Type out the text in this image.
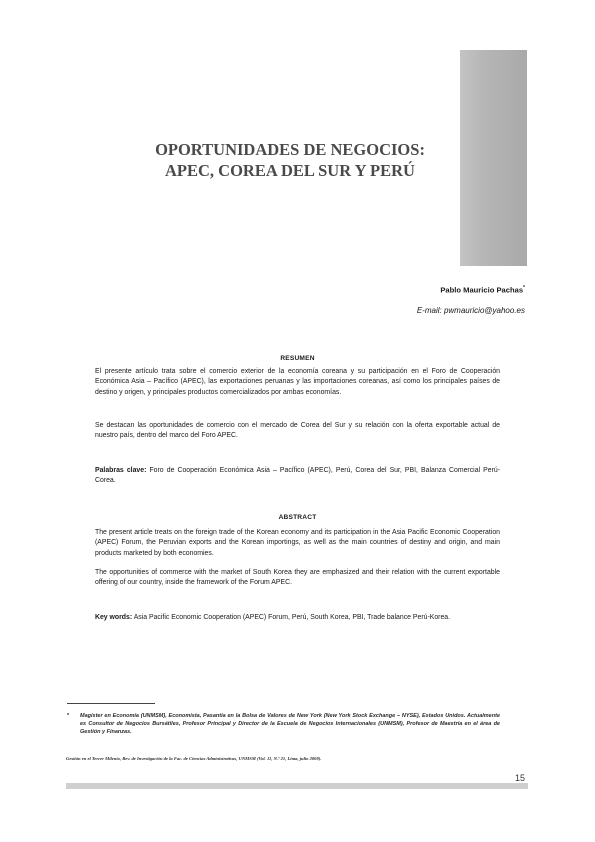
OPORTUNIDADES DE NEGOCIOS:
APEC, COREA DEL SUR Y PERÚ
Pablo Mauricio Pachas*
E-mail: pwmauricio@yahoo.es
RESUMEN
El presente artículo trata sobre el comercio exterior de la economía coreana y su participación en el Foro de Cooperación Económica Asia – Pacífico (APEC), las exportaciones peruanas y las importaciones coreanas, así como los principales países de destino y origen, y principales productos comercializados por ambas economías.
Se destacan las oportunidades de comercio con el mercado de Corea del Sur y su relación con la oferta exportable actual de nuestro país, dentro del marco del Foro APEC.
Palabras clave: Foro de Cooperación Económica Asia – Pacífico (APEC), Perú, Corea del Sur, PBI, Balanza Comercial Perú-Corea.
ABSTRACT
The present article treats on the foreign trade of the Korean economy and its participation in the Asia Pacific Economic Cooperation (APEC) Forum, the Peruvian exports and the Korean importings, as well as the main countries of destiny and origin, and main products marketed by both economies.
The opportunities of commerce with the market of South Korea they are emphasized and their relation with the current exportable offering of our country, inside the framework of the Forum APEC.
Key words: Asia Pacific Economic Cooperation (APEC) Forum, Perú, South Korea, PBI, Trade balance Perú-Korea.
* Magíster en Economía (UNMSM), Economista, Pasantía en la Bolsa de Valores de New York (New York Stock Exchange – NYSE), Estados Unidos. Actualmente es Consultor de Negocios Bursátiles, Profesor Principal y Director de la Escuela de Negocios Internacionales (UNMSM), Profesor de Maestría en el área de Gestión y Finanzas.
Gestión en el Tercer Milenio, Rev. de Investigación de la Fac. de Ciencias Administrativas, UNMSM (Vol. 11, N.º 21, Lima, julio 2008).
15
